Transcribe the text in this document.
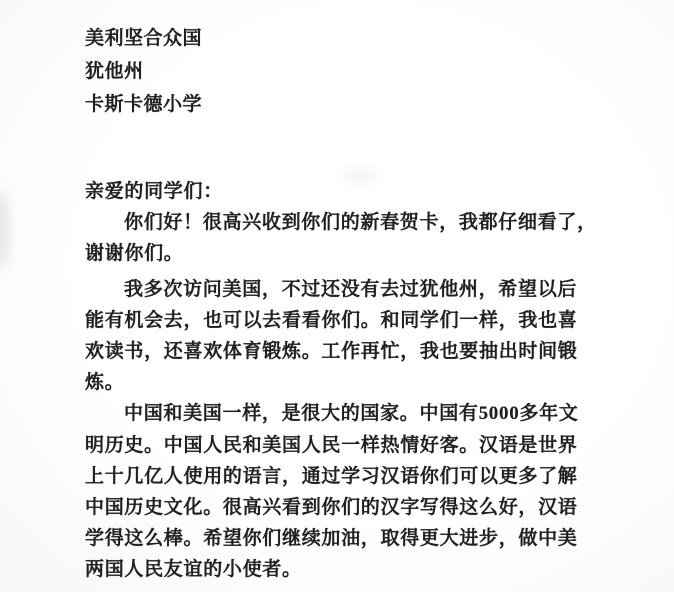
美利坚合众国
犹他州
卡斯卡德小学
亲爱的同学们：
你们好！很高兴收到你们的新春贺卡，我都仔细看了，
谢谢你们。
我多次访问美国，不过还没有去过犹他州，希望以后
能有机会去，也可以去看看你们。和同学们一样，我也喜
欢读书，还喜欢体育锻炼。工作再忙，我也要抽出时间锻
炼。
中国和美国一样，是很大的国家。中国有5000多年文
明历史。中国人民和美国人民一样热情好客。汉语是世界
上十几亿人使用的语言，通过学习汉语你们可以更多了解
中国历史文化。很高兴看到你们的汉字写得这么好，汉语
学得这么棒。希望你们继续加油，取得更大进步，做中美
两国人民友谊的小使者。
